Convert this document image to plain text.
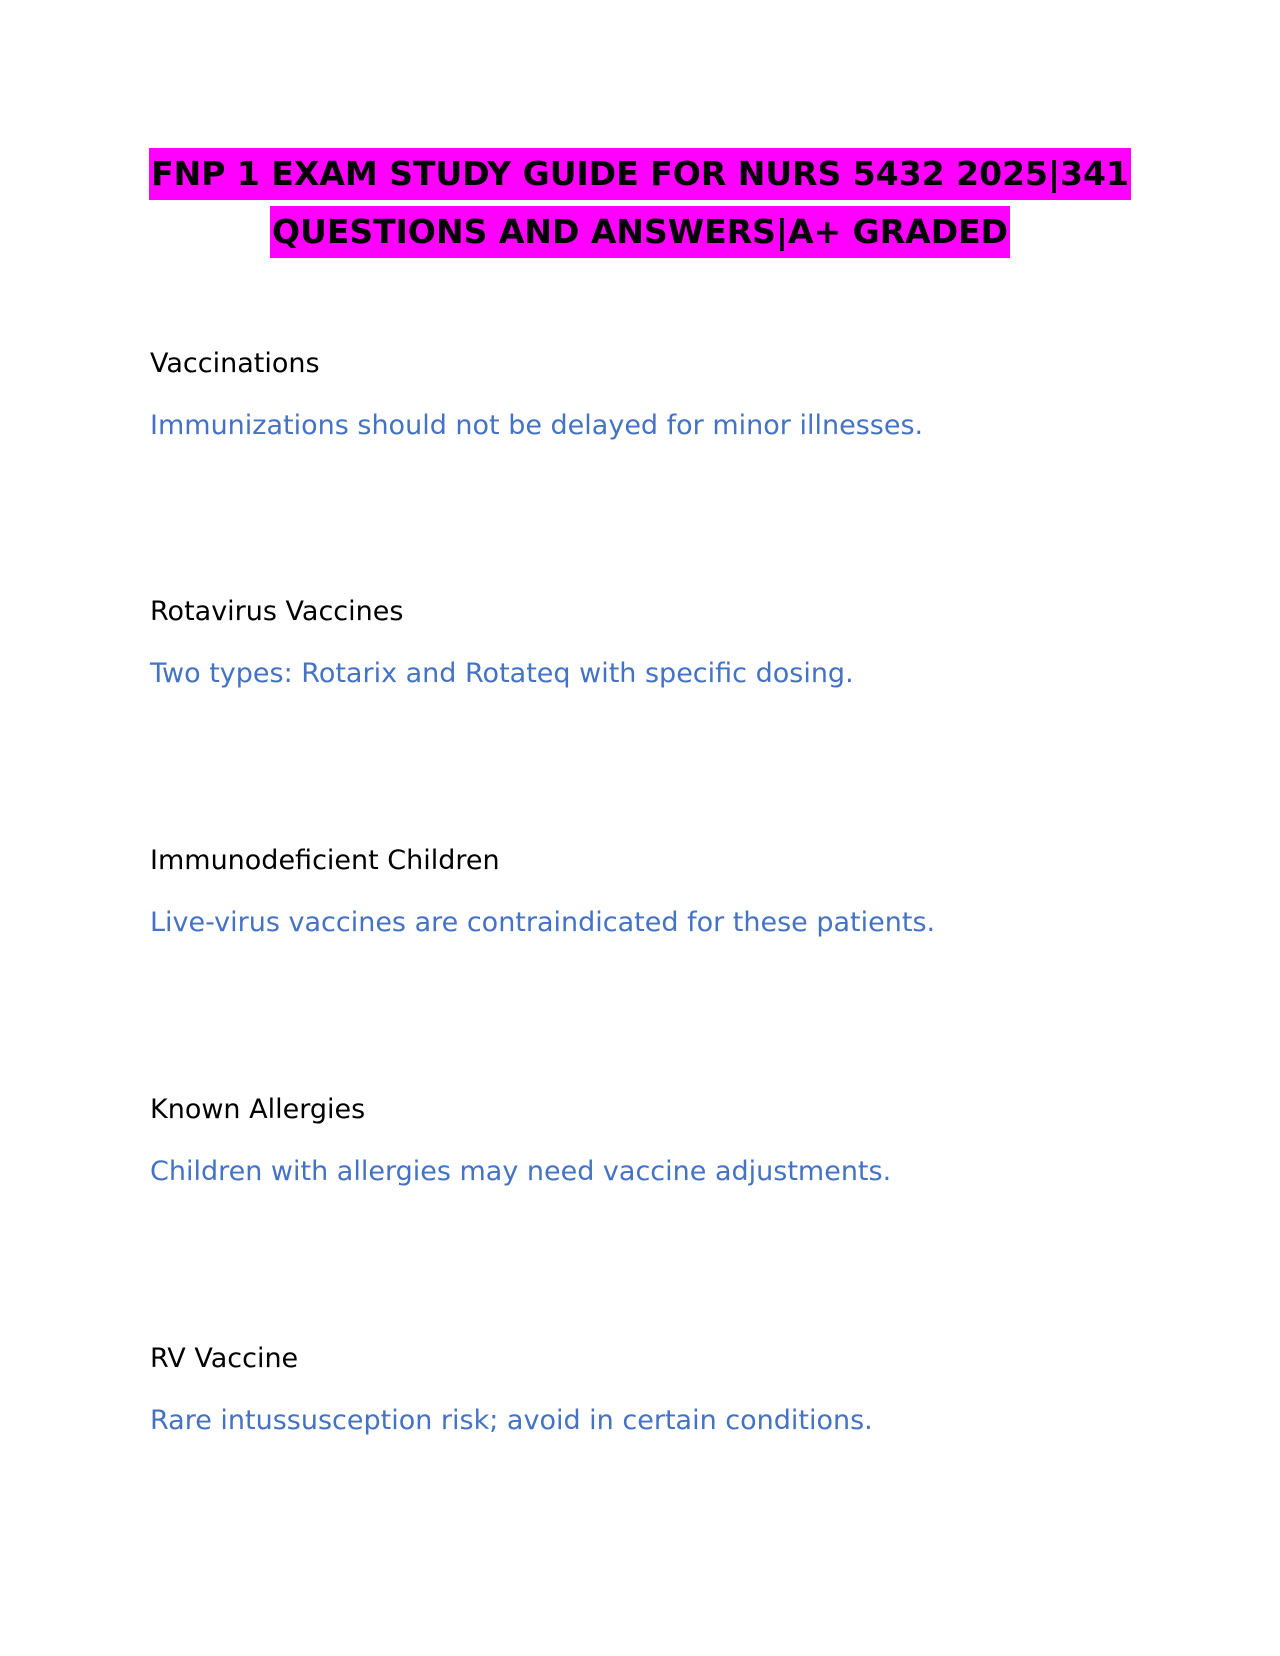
FNP 1 EXAM STUDY GUIDE FOR NURS 5432 2025|341
QUESTIONS AND ANSWERS|A+ GRADED

Vaccinations

Immunizations should not be delayed for minor illnesses.

Rotavirus Vaccines

Two types: Rotarix and Rotateq with specific dosing.

Immunodeficient Children

Live-virus vaccines are contraindicated for these patients.

Known Allergies

Children with allergies may need vaccine adjustments.

RV Vaccine

Rare intussusception risk; avoid in certain conditions.
